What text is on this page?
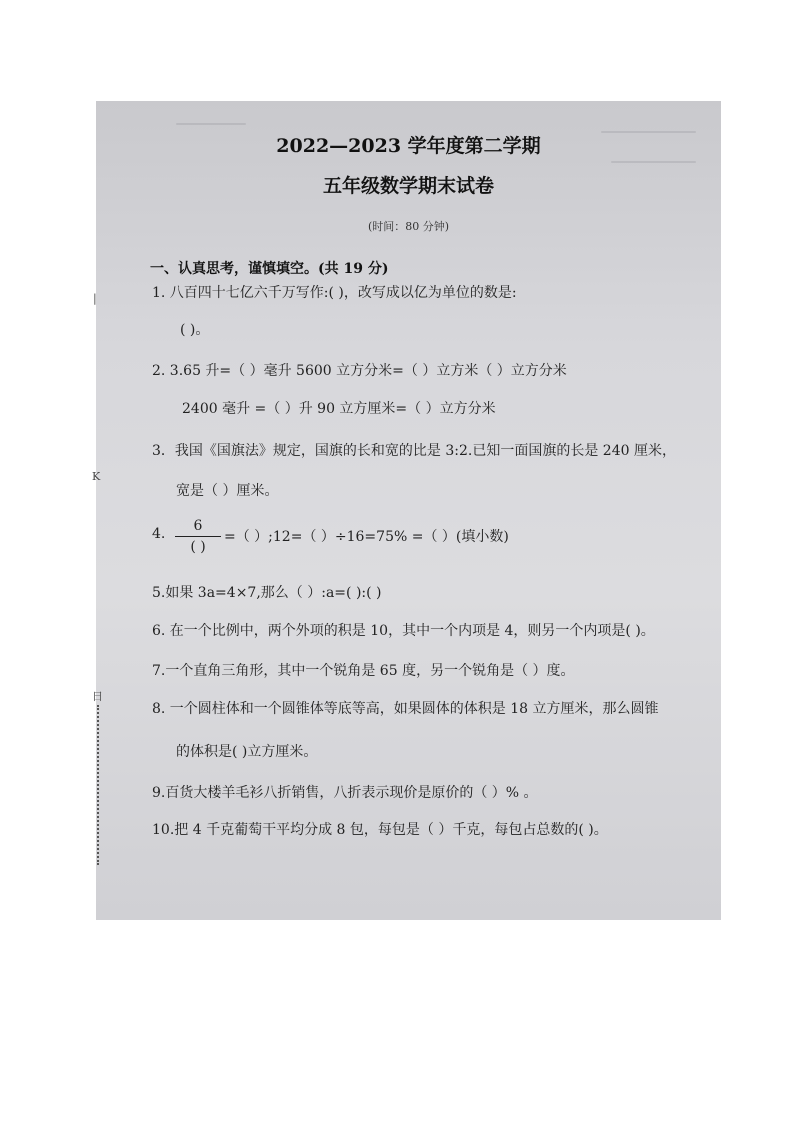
2022—2023 学年度第二学期
五年级数学期末试卷
(时间：80 分钟)
一、认真思考，谨慎填空。(共 19 分)
1. 八百四十七亿六千万写作:( )，改写成以亿为单位的数是:
( )。
2. 3.65 升=（ ）毫升 5600 立方分米=（ ）立方米（ ）立方分米
2400 毫升 =（ ）升 90 立方厘米=（ ）立方分米
3．我国《国旗法》规定，国旗的长和宽的比是 3:2.已知一面国旗的长是 240 厘米，
宽是（ ）厘米。
4.	6
( )
=（ ）;12=（ ）÷16=75% =（ ）(填小数)
5.如果 3a=4×7,那么（ ）:a=( ):( )
6. 在一个比例中，两个外项的积是 10，其中一个内项是 4，则另一个内项是( )。
7.一个直角三角形，其中一个锐角是 65 度，另一个锐角是（ ）度。
8. 一个圆柱体和一个圆锥体等底等高，如果圆体的体积是 18 立方厘米，那么圆锥
的体积是( )立方厘米。
9.百货大楼羊毛衫八折销售，八折表示现价是原价的（ ）% 。
10.把 4 千克葡萄干平均分成 8 包，每包是（ ）千克，每包占总数的( )。
|
K
日
